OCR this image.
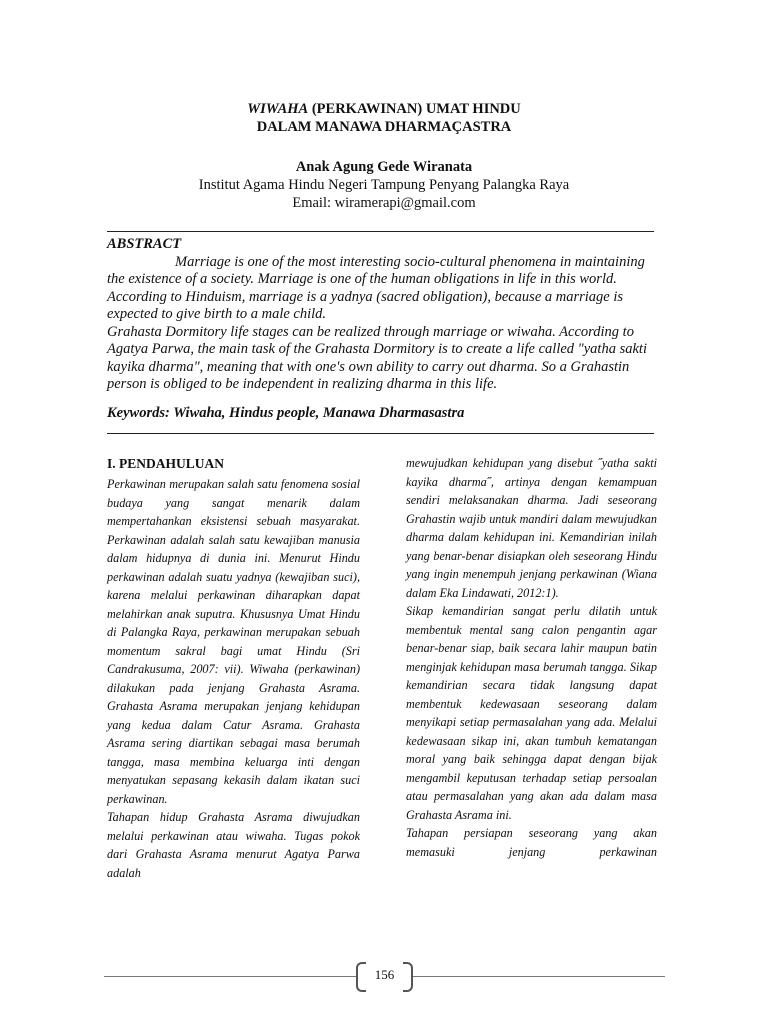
WIWAHA (PERKAWINAN) UMAT HINDU

DALAM MANAWA DHARMAÇASTRA

Anak Agung Gede Wiranata
Institut Agama Hindu Negeri Tampung Penyang Palangka Raya
Email: wiramerapi@gmail.com
ABSTRACT

Marriage is one of the most interesting socio-cultural phenomena in maintaining the existence of a society. Marriage is one of the human obligations in life in this world. According to Hinduism, marriage is a yadnya (sacred obligation), because a marriage is expected to give birth to a male child.

Grahasta Dormitory life stages can be realized through marriage or wiwaha. According to Agatya Parwa, the main task of the Grahasta Dormitory is to create a life called "yatha sakti kayika dharma", meaning that with one's own ability to carry out dharma. So a Grahastin person is obliged to be independent in realizing dharma in this life.

Keywords: Wiwaha, Hindus people, Manawa Dharmasastra
I. PENDAHULUAN

Perkawinan merupakan salah satu fenomena sosial budaya yang sangat menarik dalam mempertahankan eksistensi sebuah masyarakat. Perkawinan adalah salah satu kewajiban manusia dalam hidupnya di dunia ini. Menurut Hindu perkawinan adalah suatu yadnya (kewajiban suci), karena melalui perkawinan diharapkan dapat melahirkan anak suputra. Khususnya Umat Hindu di Palangka Raya, perkawinan merupakan sebuah momentum sakral bagi umat Hindu (Sri Candrakusuma, 2007: vii). Wiwaha (perkawinan) dilakukan pada jenjang Grahasta Asrama. Grahasta Asrama merupakan jenjang kehidupan yang kedua dalam Catur Asrama. Grahasta Asrama sering diartikan sebagai masa berumah tangga, masa membina keluarga inti dengan menyatukan sepasang kekasih dalam ikatan suci perkawinan.

Tahapan hidup Grahasta Asrama diwujudkan melalui perkawinan atau wiwaha. Tugas pokok dari Grahasta Asrama menurut Agatya Parwa adalah

mewujudkan kehidupan yang disebut ˝yatha sakti kayika dharma˝, artinya dengan kemampuan sendiri melaksanakan dharma. Jadi seseorang Grahastin wajib untuk mandiri dalam mewujudkan dharma dalam kehidupan ini. Kemandirian inilah yang benar-benar disiapkan oleh seseorang Hindu yang ingin menempuh jenjang perkawinan (Wiana dalam Eka Lindawati, 2012:1).

Sikap kemandirian sangat perlu dilatih untuk membentuk mental sang calon pengantin agar benar-benar siap, baik secara lahir maupun batin menginjak kehidupan masa berumah tangga. Sikap kemandirian secara tidak langsung dapat membentuk kedewasaan seseorang dalam menyikapi setiap permasalahan yang ada. Melalui kedewasaan sikap ini, akan tumbuh kematangan moral yang baik sehingga dapat dengan bijak mengambil keputusan terhadap setiap persoalan atau permasalahan yang akan ada dalam masa Grahasta Asrama ini.

Tahapan persiapan seseorang yang akan memasuki jenjang perkawinan

156
